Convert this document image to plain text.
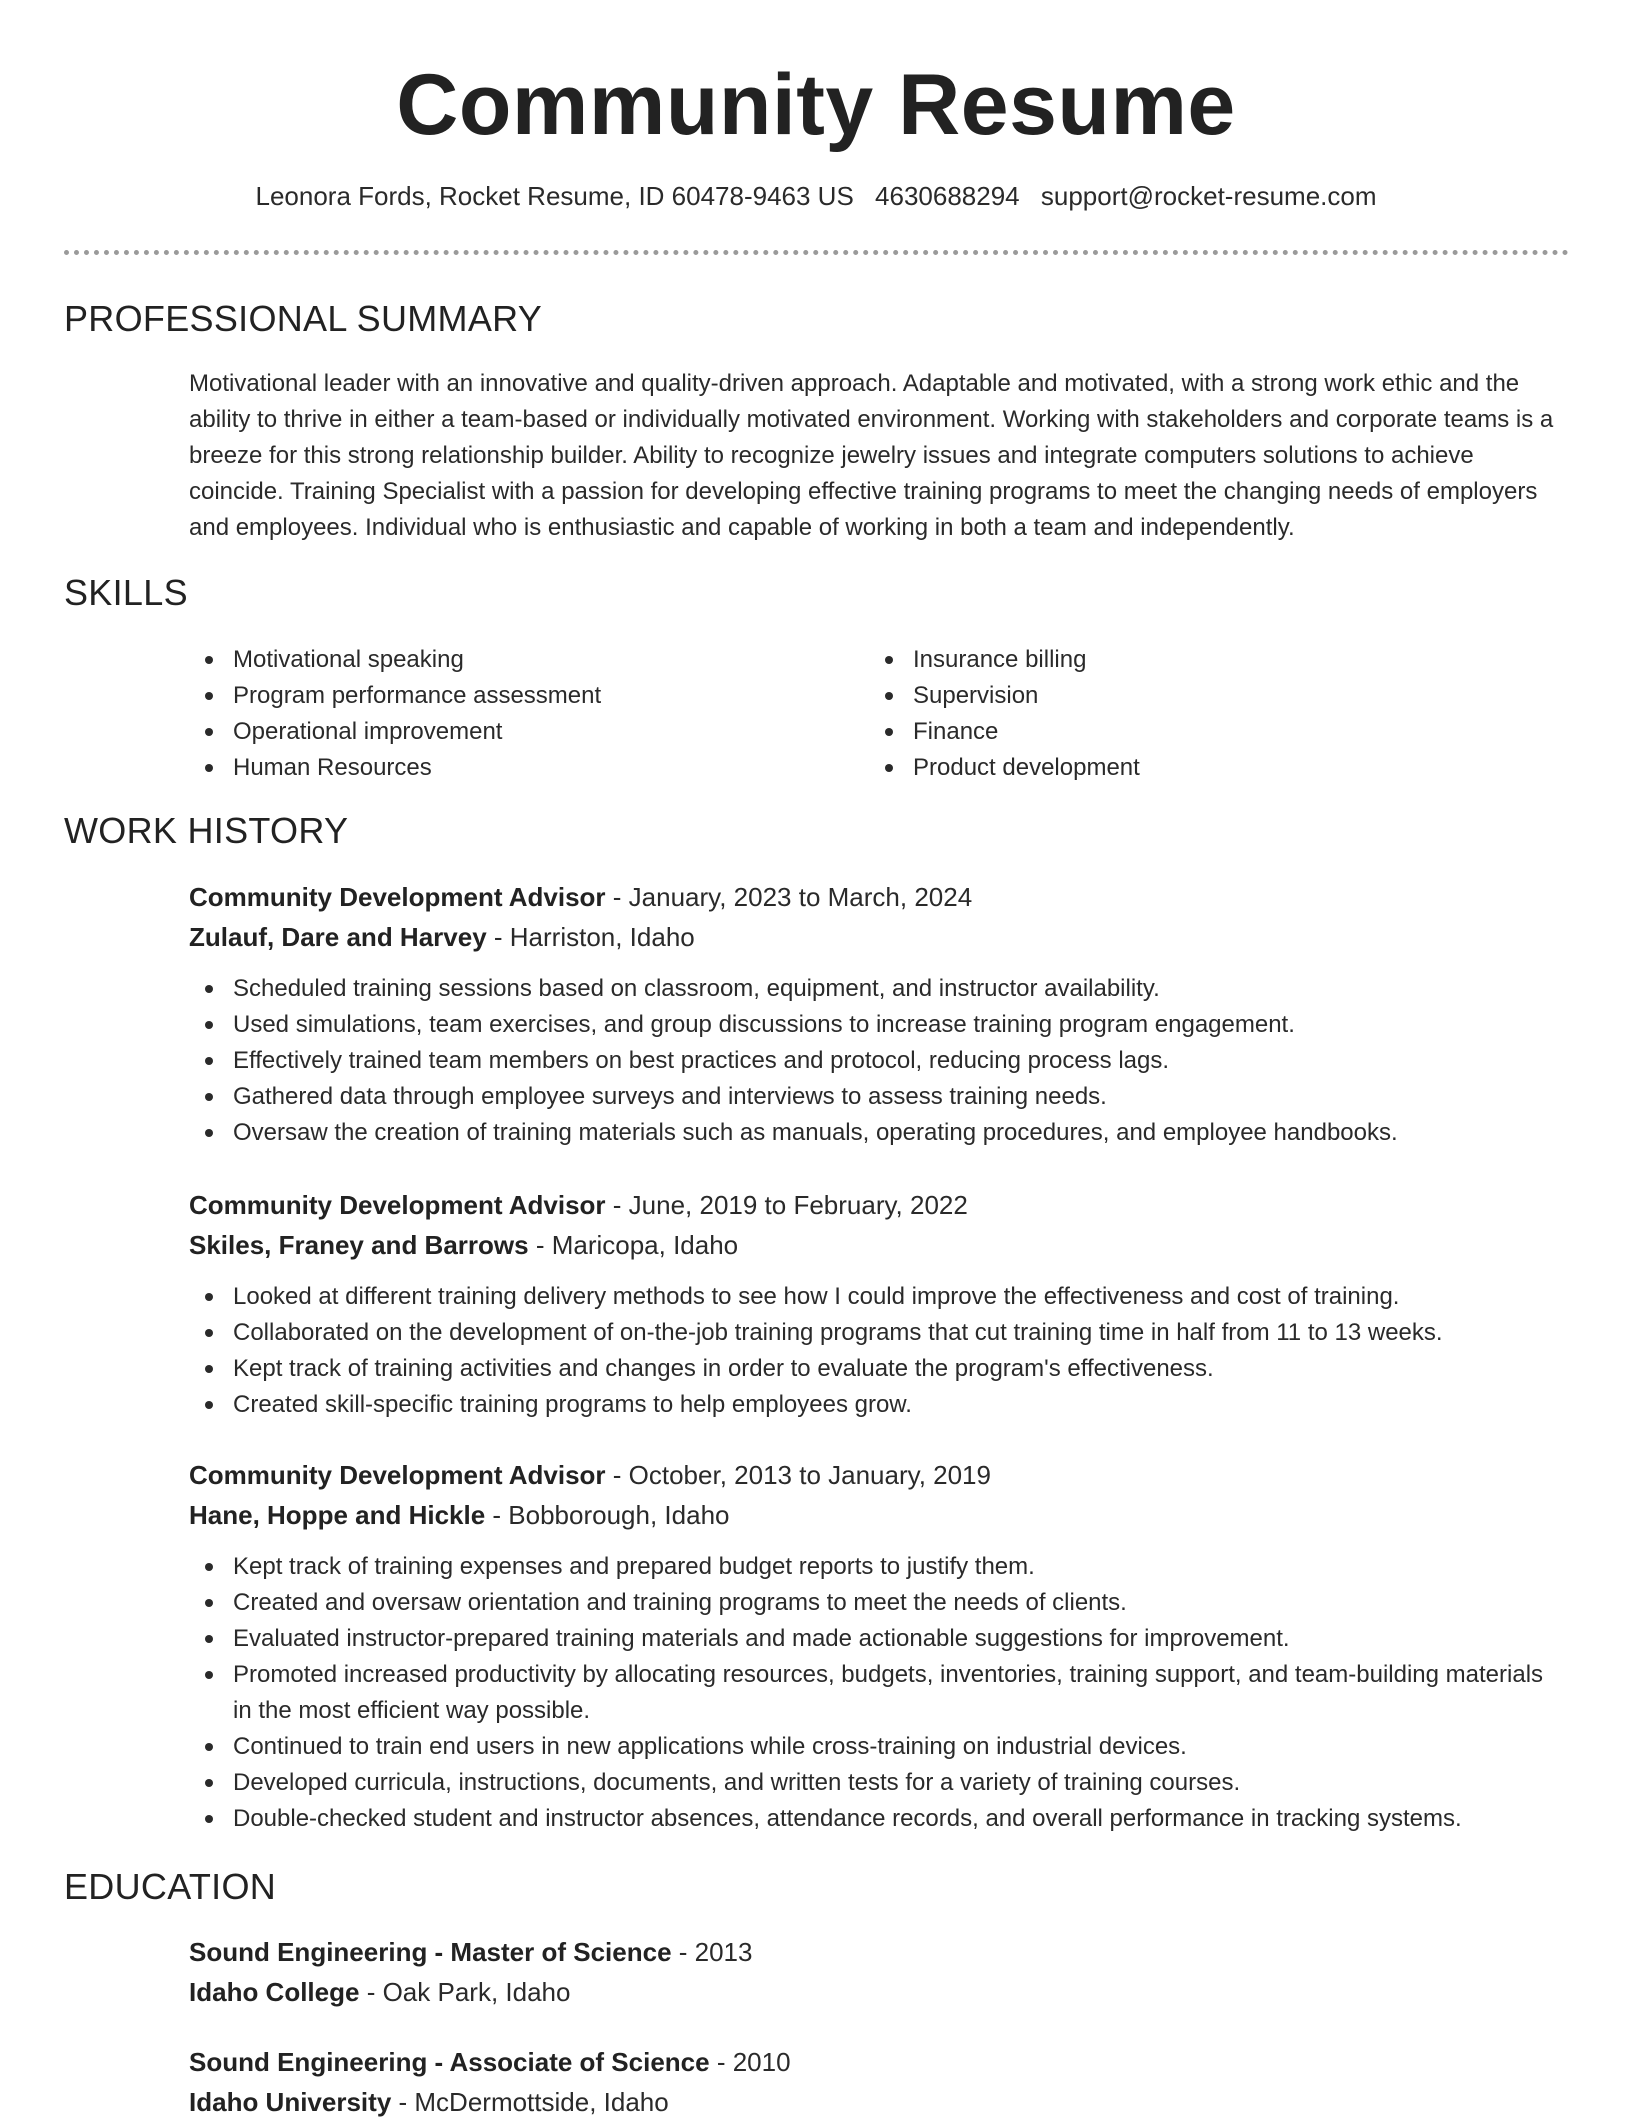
Community Resume
Leonora Fords, Rocket Resume, ID 60478-9463 US 4630688294 support@rocket-resume.com
PROFESSIONAL SUMMARY

Motivational leader with an innovative and quality-driven approach. Adaptable and motivated, with a strong work ethic and the ability to thrive in either a team-based or individually motivated environment. Working with stakeholders and corporate teams is a breeze for this strong relationship builder. Ability to recognize jewelry issues and integrate computers solutions to achieve coincide. Training Specialist with a passion for developing effective training programs to meet the changing needs of employers and employees. Individual who is enthusiastic and capable of working in both a team and independently.

SKILLS
Motivational speaking
Program performance assessment
Operational improvement
Human Resources
Insurance billing
Supervision
Finance
Product development
WORK HISTORY
Community Development Advisor - January, 2023 to March, 2024
Zulauf, Dare and Harvey - Harriston, Idaho
Scheduled training sessions based on classroom, equipment, and instructor availability.
Used simulations, team exercises, and group discussions to increase training program engagement.
Effectively trained team members on best practices and protocol, reducing process lags.
Gathered data through employee surveys and interviews to assess training needs.
Oversaw the creation of training materials such as manuals, operating procedures, and employee handbooks.
Community Development Advisor - June, 2019 to February, 2022
Skiles, Franey and Barrows - Maricopa, Idaho
Looked at different training delivery methods to see how I could improve the effectiveness and cost of training.
Collaborated on the development of on-the-job training programs that cut training time in half from 11 to 13 weeks.
Kept track of training activities and changes in order to evaluate the program's effectiveness.
Created skill-specific training programs to help employees grow.
Community Development Advisor - October, 2013 to January, 2019
Hane, Hoppe and Hickle - Bobborough, Idaho
Kept track of training expenses and prepared budget reports to justify them.
Created and oversaw orientation and training programs to meet the needs of clients.
Evaluated instructor-prepared training materials and made actionable suggestions for improvement.
Promoted increased productivity by allocating resources, budgets, inventories, training support, and team-building materials in the most efficient way possible.
Continued to train end users in new applications while cross-training on industrial devices.
Developed curricula, instructions, documents, and written tests for a variety of training courses.
Double-checked student and instructor absences, attendance records, and overall performance in tracking systems.
EDUCATION
Sound Engineering - Master of Science - 2013
Idaho College - Oak Park, Idaho
Sound Engineering - Associate of Science - 2010
Idaho University - McDermottside, Idaho
